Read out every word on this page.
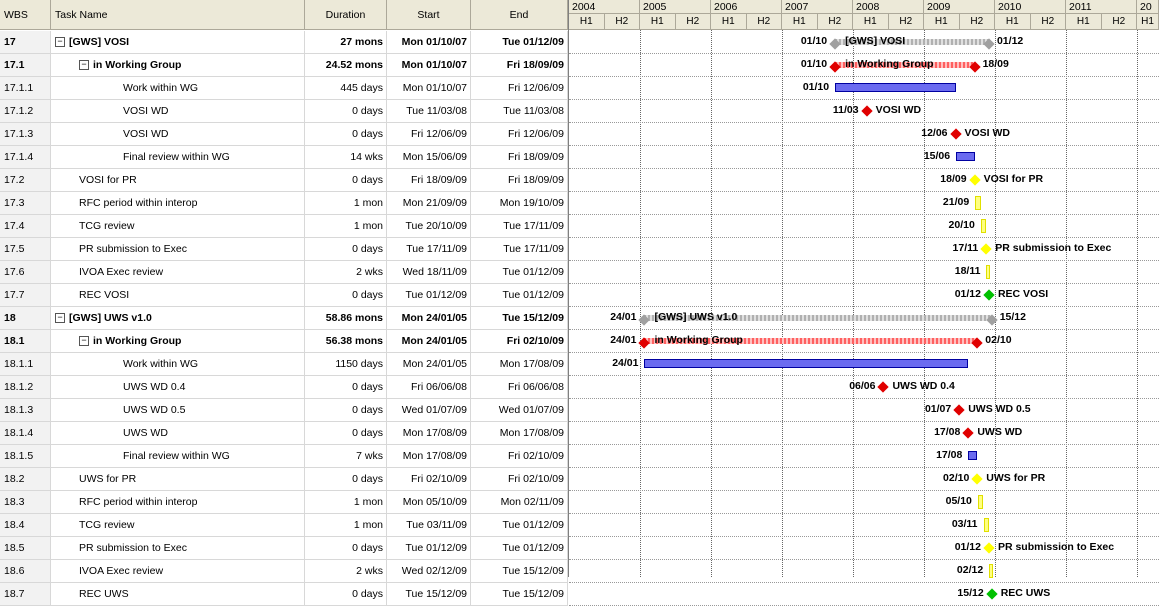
WBS	Task Name	Duration	Start	End
17	− [GWS] VOSI	27 mons	Mon 01/10/07	Tue 01/12/09
17.1	− in Working Group	24.52 mons	Mon 01/10/07	Fri 18/09/09
17.1.1	Work within WG	445 days	Mon 01/10/07	Fri 12/06/09
17.1.2	VOSI WD	0 days	Tue 11/03/08	Tue 11/03/08
17.1.3	VOSI WD	0 days	Fri 12/06/09	Fri 12/06/09
17.1.4	Final review within WG	14 wks	Mon 15/06/09	Fri 18/09/09
17.2	VOSI for PR	0 days	Fri 18/09/09	Fri 18/09/09
17.3	RFC period within interop	1 mon	Mon 21/09/09	Mon 19/10/09
17.4	TCG review	1 mon	Tue 20/10/09	Tue 17/11/09
17.5	PR submission to Exec	0 days	Tue 17/11/09	Tue 17/11/09
17.6	IVOA Exec review	2 wks	Wed 18/11/09	Tue 01/12/09
17.7	REC VOSI	0 days	Tue 01/12/09	Tue 01/12/09
18	− [GWS] UWS v1.0	58.86 mons	Mon 24/01/05	Tue 15/12/09
18.1	− in Working Group	56.38 mons	Mon 24/01/05	Fri 02/10/09
18.1.1	Work within WG	1150 days	Mon 24/01/05	Mon 17/08/09
18.1.2	UWS WD 0.4	0 days	Fri 06/06/08	Fri 06/06/08
18.1.3	UWS WD 0.5	0 days	Wed 01/07/09	Wed 01/07/09
18.1.4	UWS WD	0 days	Mon 17/08/09	Mon 17/08/09
18.1.5	Final review within WG	7 wks	Mon 17/08/09	Fri 02/10/09
18.2	UWS for PR	0 days	Fri 02/10/09	Fri 02/10/09
18.3	RFC period within interop	1 mon	Mon 05/10/09	Mon 02/11/09
18.4	TCG review	1 mon	Tue 03/11/09	Tue 01/12/09
18.5	PR submission to Exec	0 days	Tue 01/12/09	Tue 01/12/09
18.6	IVOA Exec review	2 wks	Wed 02/12/09	Tue 15/12/09
18.7	REC UWS	0 days	Tue 15/12/09	Tue 15/12/09
2004
H1	H2
2005
H1	H2
2006
H1	H2
2007
H1	H2
2008
H1	H2
2009
H1	H2
2010
H1	H2
2011
H1	H2
20
H1
01/10 [GWS] VOSI	01/12
01/10 in Working Group	18/09
01/10
11/03 VOSI WD
12/06 VOSI WD
15/06
18/09 VOSI for PR
21/09
20/10
17/11 PR submission to Exec
18/11
01/12 REC VOSI
24/01 [GWS] UWS v1.0	15/12
24/01 in Working Group	02/10
24/01
06/06 UWS WD 0.4
01/07 UWS WD 0.5
17/08 UWS WD
17/08
02/10 UWS for PR
05/10
03/11
01/12 PR submission to Exec
02/12
15/12 REC UWS
